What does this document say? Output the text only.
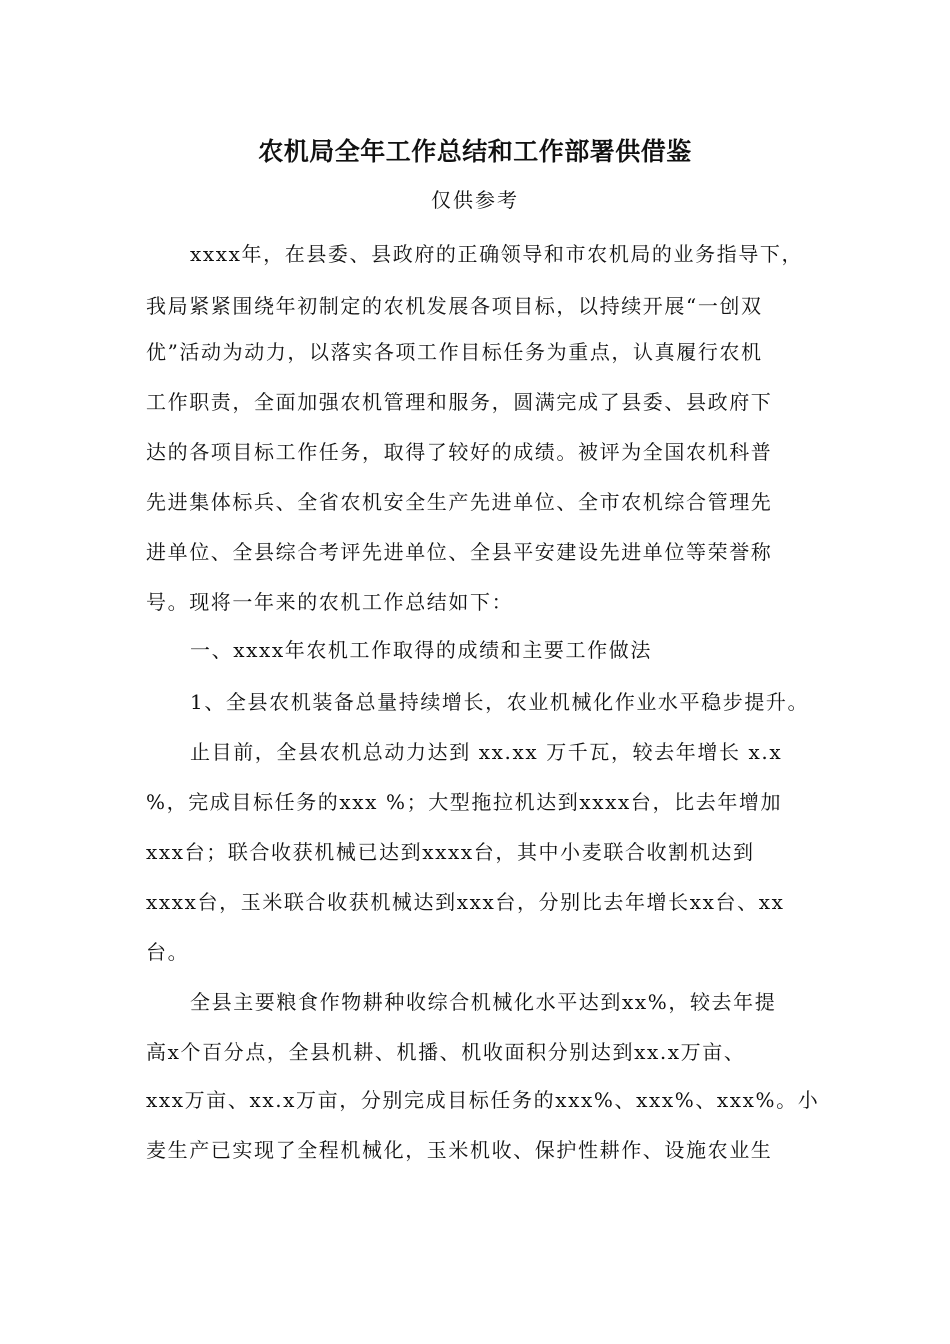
农机局全年工作总结和工作部署供借鉴
仅供参考
xxxx年，在县委、县政府的正确领导和市农机局的业务指导下，
我局紧紧围绕年初制定的农机发展各项目标，以持续开展“一创双
优”活动为动力，以落实各项工作目标任务为重点，认真履行农机
工作职责，全面加强农机管理和服务，圆满完成了县委、县政府下
达的各项目标工作任务，取得了较好的成绩。被评为全国农机科普
先进集体标兵、全省农机安全生产先进单位、全市农机综合管理先
进单位、全县综合考评先进单位、全县平安建设先进单位等荣誉称
号。现将一年来的农机工作总结如下：
一、xxxx年农机工作取得的成绩和主要工作做法
1、全县农机装备总量持续增长，农业机械化作业水平稳步提升。
止目前，全县农机总动力达到 xx.xx 万千瓦，较去年增长 x.x
%，完成目标任务的xxx %；大型拖拉机达到xxxx台，比去年增加
xxx台；联合收获机械已达到xxxx台，其中小麦联合收割机达到
xxxx台，玉米联合收获机械达到xxx台，分别比去年增长xx台、xx
台。
全县主要粮食作物耕种收综合机械化水平达到xx%，较去年提
高x个百分点，全县机耕、机播、机收面积分别达到xx.x万亩、
xxx万亩、xx.x万亩，分别完成目标任务的xxx%、xxx%、xxx%。小
麦生产已实现了全程机械化，玉米机收、保护性耕作、设施农业生
